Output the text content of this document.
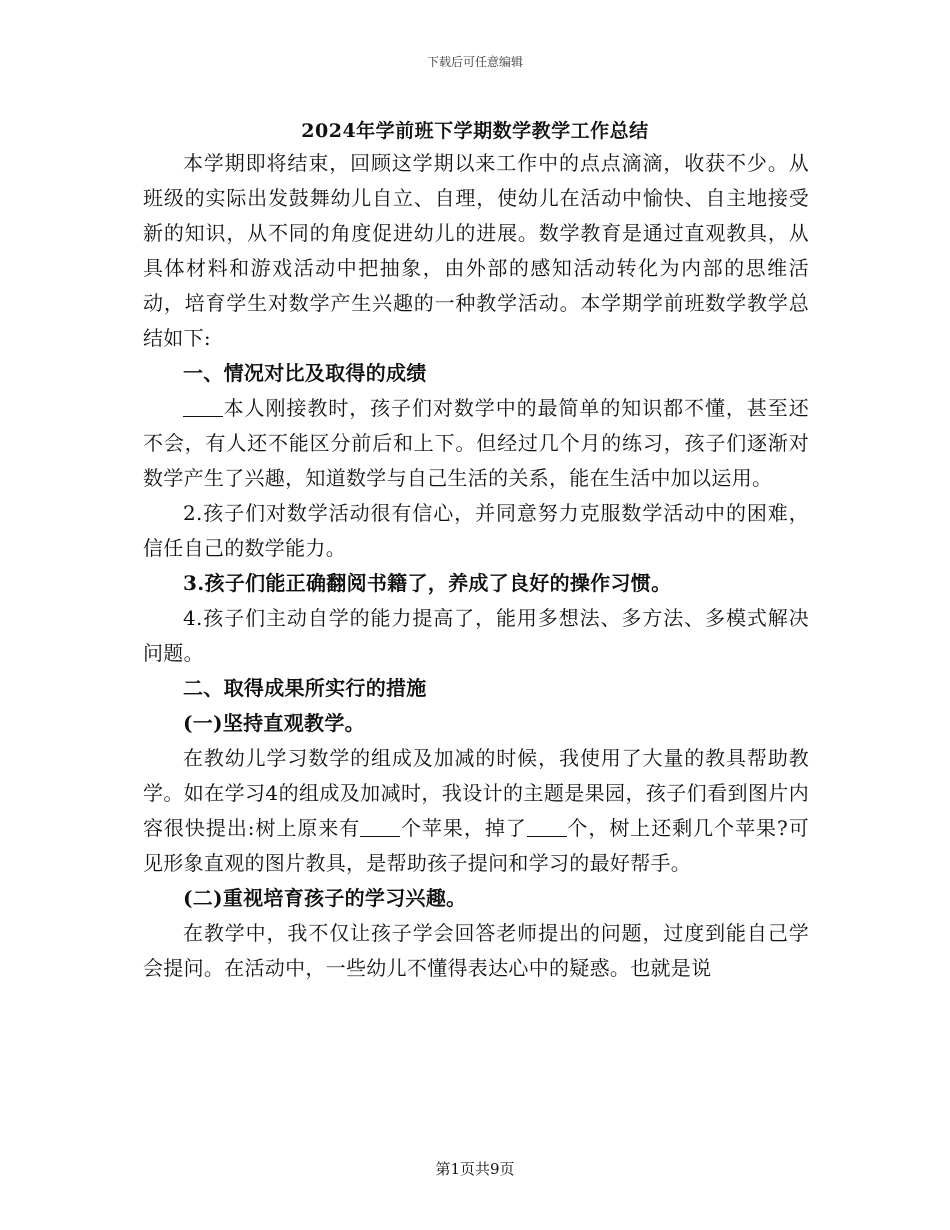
下载后可任意编辑
2024年学前班下学期数学教学工作总结

本学期即将结束，回顾这学期以来工作中的点点滴滴，收获不少。从班级的实际出发鼓舞幼儿自立、自理，使幼儿在活动中愉快、自主地接受新的知识，从不同的角度促进幼儿的进展。数学教育是通过直观教具，从具体材料和游戏活动中把抽象，由外部的感知活动转化为内部的思维活动，培育学生对数学产生兴趣的一种教学活动。本学期学前班数学教学总结如下:

一、情况对比及取得的成绩

本人刚接教时，孩子们对数学中的最简单的知识都不懂，甚至还不会，有人还不能区分前后和上下。但经过几个月的练习，孩子们逐渐对数学产生了兴趣，知道数学与自己生活的关系，能在生活中加以运用。

2.孩子们对数学活动很有信心，并同意努力克服数学活动中的困难，信任自己的数学能力。

3.孩子们能正确翻阅书籍了，养成了良好的操作习惯。

4.孩子们主动自学的能力提高了，能用多想法、多方法、多模式解决问题。

二、取得成果所实行的措施

(一)坚持直观教学。

在教幼儿学习数学的组成及加减的时候，我使用了大量的教具帮助教学。如在学习4的组成及加减时，我设计的主题是果园，孩子们看到图片内容很快提出:树上原来有 个苹果，掉了 个，树上还剩几个苹果?可见形象直观的图片教具，是帮助孩子提问和学习的最好帮手。

(二)重视培育孩子的学习兴趣。

在教学中，我不仅让孩子学会回答老师提出的问题，过度到能自己学会提问。在活动中，一些幼儿不懂得表达心中的疑惑。也就是说

第1页共9页
